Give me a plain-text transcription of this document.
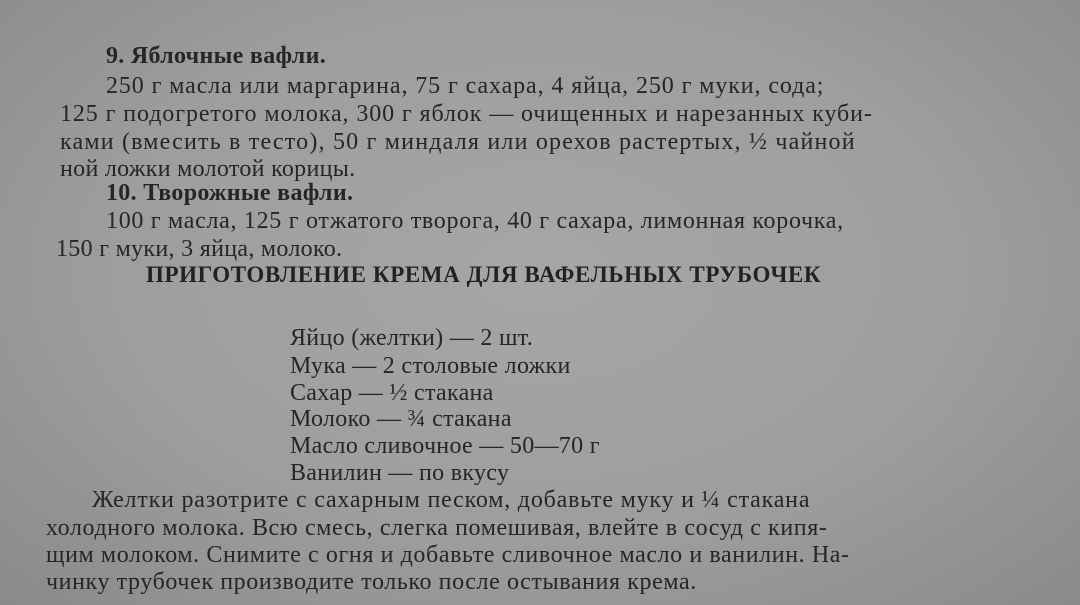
9. Яблочные вафли.
250 г масла или маргарина, 75 г сахара, 4 яйца, 250 г муки, сода;
125 г подогретого молока, 300 г яблок — очищенных и нарезанных куби-
ками (вмесить в тесто), 50 г миндаля или орехов растертых, ½ чайной
ной ложки молотой корицы.
10. Творожные вафли.
100 г масла, 125 г отжатого творога, 40 г сахара, лимонная корочка,
150 г муки, 3 яйца, молоко.
ПРИГОТОВЛЕНИЕ КРЕМА ДЛЯ ВАФЕЛЬНЫХ ТРУБОЧЕК
Яйцо (желтки) — 2 шт.
Мука — 2 столовые ложки
Сахар — ½ стакана
Молоко — ¾ стакана
Масло сливочное — 50—70 г
Ванилин — по вкусу
Желтки разотрите с сахарным песком, добавьте муку и ¼ стакана
холодного молока. Всю смесь, слегка помешивая, влейте в сосуд с кипя-
щим молоком. Снимите с огня и добавьте сливочное масло и ванилин. На-
чинку трубочек производите только после остывания крема.
